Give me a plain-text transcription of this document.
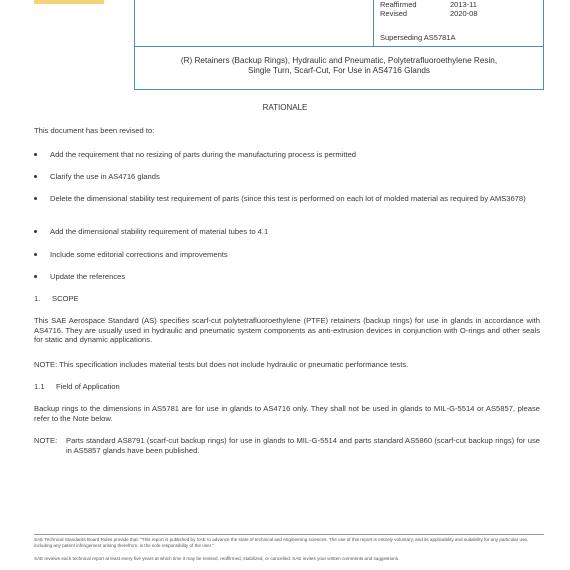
Reaffirmed	2013-11
Revised	2020-08
Superseding AS5781A
(R) Retainers (Backup Rings), Hydraulic and Pneumatic, Polytetrafluoroethylene Resin,
Single Turn, Scarf-Cut, For Use in AS4716 Glands
RATIONALE
This document has been revised to:
Add the requirement that no resizing of parts during the manufacturing process is permitted
Clarify the use in AS4716 glands
Delete the dimensional stability test requirement of parts (since this test is performed on each lot of molded material as required by AMS3678)
Add the dimensional stability requirement of material tubes to 4.1
Include some editorial corrections and improvements
Update the references
1. SCOPE
This SAE Aerospace Standard (AS) specifies scarf-cut polytetrafluoroethylene (PTFE) retainers (backup rings) for use in glands in accordance with AS4716. They are usually used in hydraulic and pneumatic system components as anti-extrusion devices in conjunction with O-rings and other seals for static and dynamic applications.
NOTE: This specification includes material tests but does not include hydraulic or pneumatic performance tests.
1.1 Field of Application
Backup rings to the dimensions in AS5781 are for use in glands to AS4716 only. They shall not be used in glands to MIL-G-5514 or AS5857, please refer to the Note below.
NOTE: Parts standard AS8791 (scarf-cut backup rings) for use in glands to MIL-G-5514 and parts standard AS5860 (scarf-cut backup rings) for use in AS5857 glands have been published.
SAE Technical Standards Board Rules provide that: "This report is published by SAE to advance the state of technical and engineering sciences. The use of this report is entirely voluntary, and its applicability and suitability for any particular use, including any patent infringement arising therefrom, is the sole responsibility of the user."
SAE reviews each technical report at least every five years at which time it may be revised, reaffirmed, stabilized, or cancelled. SAE invites your written comments and suggestions.
